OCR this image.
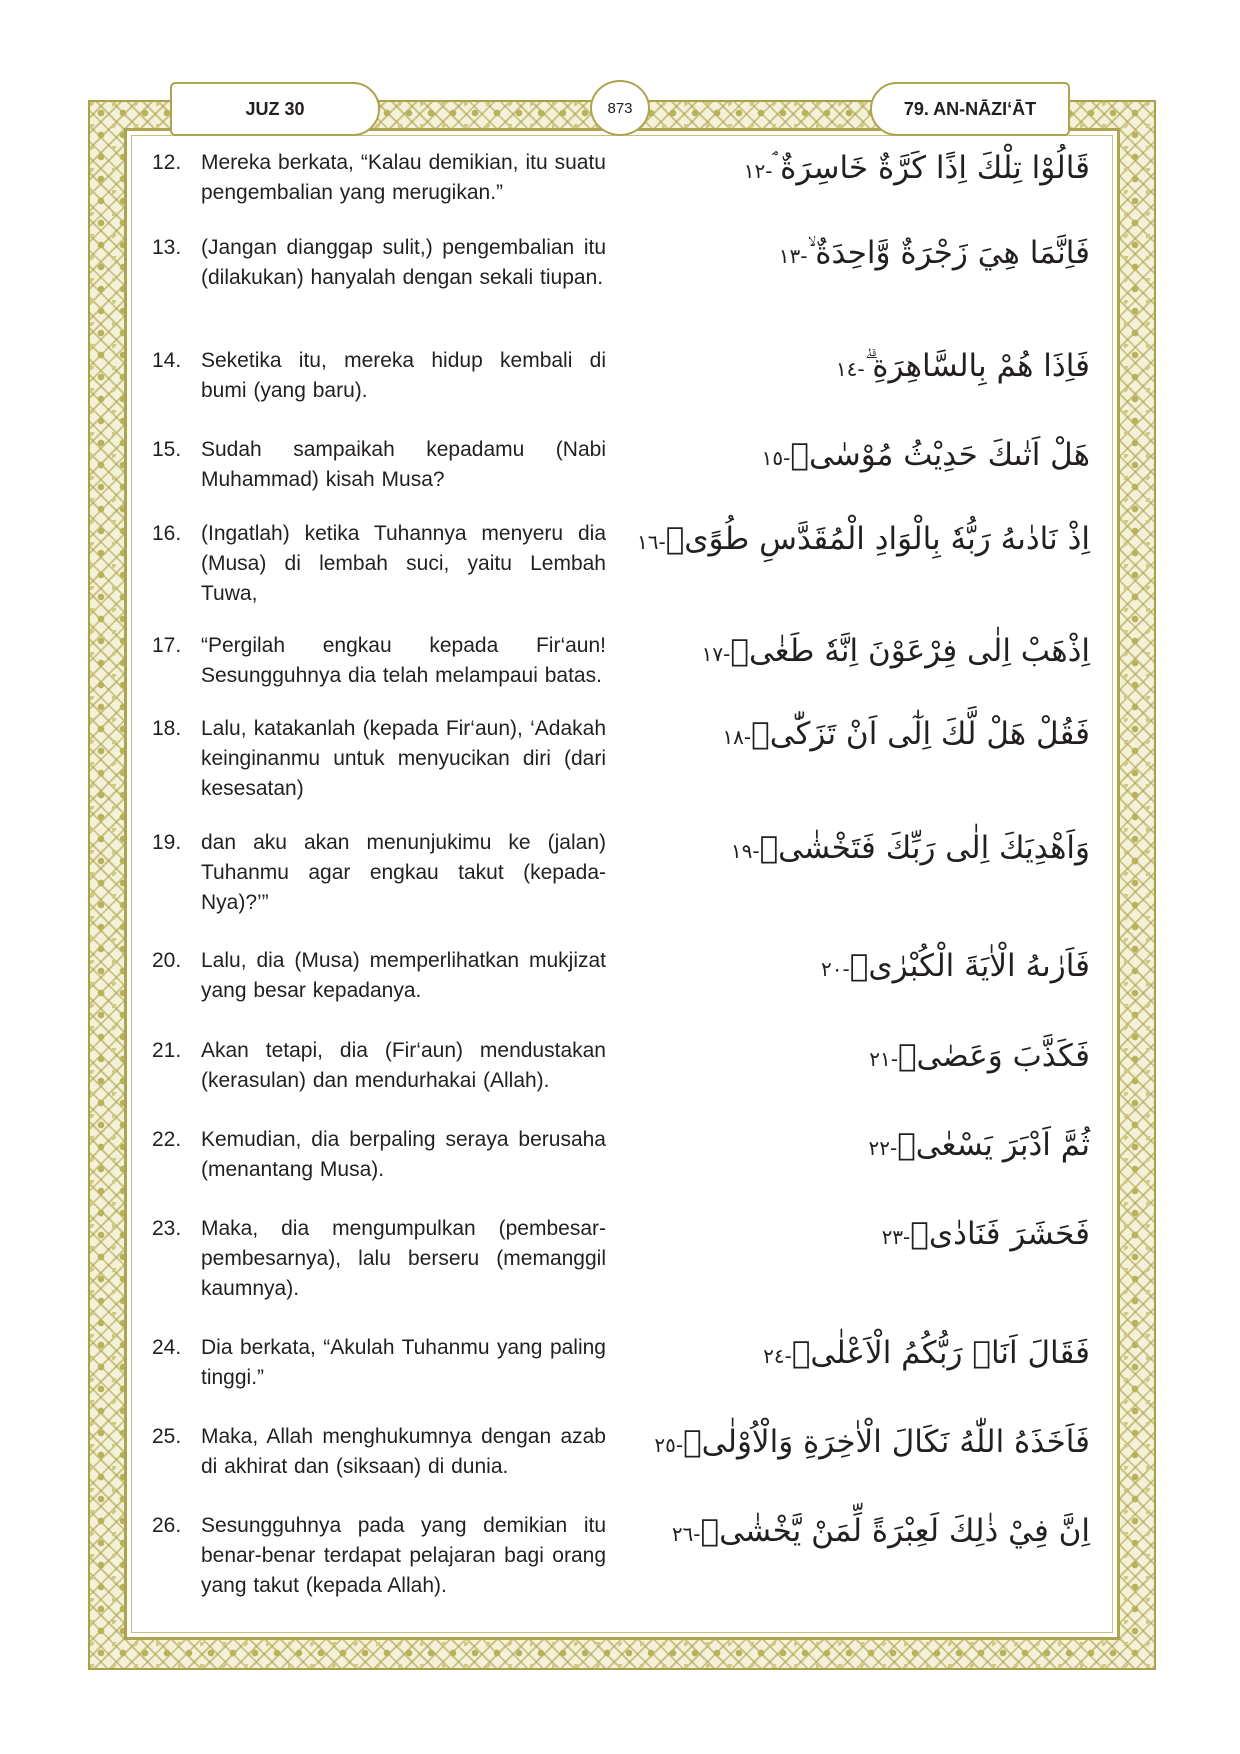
JUZ 30	873	79. AN-NĀZI‘ĀT
12. Mereka berkata, “Kalau demikian, itu suatu pengembalian yang merugikan.”
قَالُوْا تِلْكَ اِذًا كَرَّةٌ خَاسِرَةٌ ۘ-١٢
13. (Jangan dianggap sulit,) pengembalian itu (dilakukan) hanyalah dengan sekali tiupan.
فَاِنَّمَا هِيَ زَجْرَةٌ وَّاحِدَةٌ ۙ-١٣
14. Seketika itu, mereka hidup kembali di bumi (yang baru).
فَاِذَا هُمْ بِالسَّاهِرَةِ ۗ-١٤
15. Sudah sampaikah kepadamu (Nabi Muhammad) kisah Musa?
هَلْ اَتٰىكَ حَدِيْثُ مُوْسٰىۘ-١٥
16. (Ingatlah) ketika Tuhannya menyeru dia (Musa) di lembah suci, yaitu Lembah Tuwa,
اِذْ نَادٰىهُ رَبُّهٗ بِالْوَادِ الْمُقَدَّسِ طُوًىۚ-١٦
17. “Pergilah engkau kepada Fir‘aun! Sesungguhnya dia telah melampaui batas.
اِذْهَبْ اِلٰى فِرْعَوْنَ اِنَّهٗ طَغٰىۖ-١٧
18. Lalu, katakanlah (kepada Fir‘aun), ‘Adakah keinginanmu untuk menyucikan diri (dari kesesatan)
فَقُلْ هَلْ لَّكَ اِلٰٓى اَنْ تَزَكّٰىۙ-١٨
19. dan aku akan menunjukimu ke (jalan) Tuhanmu agar engkau takut (kepada-Nya)?’”
وَاَهْدِيَكَ اِلٰى رَبِّكَ فَتَخْشٰىۚ-١٩
20. Lalu, dia (Musa) memperlihatkan mukjizat yang besar kepadanya.
فَاَرٰىهُ الْاٰيَةَ الْكُبْرٰىۖ-٢٠
21. Akan tetapi, dia (Fir‘aun) mendustakan (kerasulan) dan mendurhakai (Allah).
فَكَذَّبَ وَعَصٰىۖ-٢١
22. Kemudian, dia berpaling seraya berusaha (menantang Musa).
ثُمَّ اَدْبَرَ يَسْعٰىۖ-٢٢
23. Maka, dia mengumpulkan (pembesar-pembesarnya), lalu berseru (memanggil kaumnya).
فَحَشَرَ فَنَادٰىۖ-٢٣
24. Dia berkata, “Akulah Tuhanmu yang paling tinggi.”
فَقَالَ اَنَا۠ رَبُّكُمُ الْاَعْلٰىۖ-٢٤
25. Maka, Allah menghukumnya dengan azab di akhirat dan (siksaan) di dunia.
فَاَخَذَهُ اللّٰهُ نَكَالَ الْاٰخِرَةِ وَالْاُوْلٰىۗ-٢٥
26. Sesungguhnya pada yang demikian itu benar-benar terdapat pelajaran bagi orang yang takut (kepada Allah).
اِنَّ فِيْ ذٰلِكَ لَعِبْرَةً لِّمَنْ يَّخْشٰىۗ-٢٦
